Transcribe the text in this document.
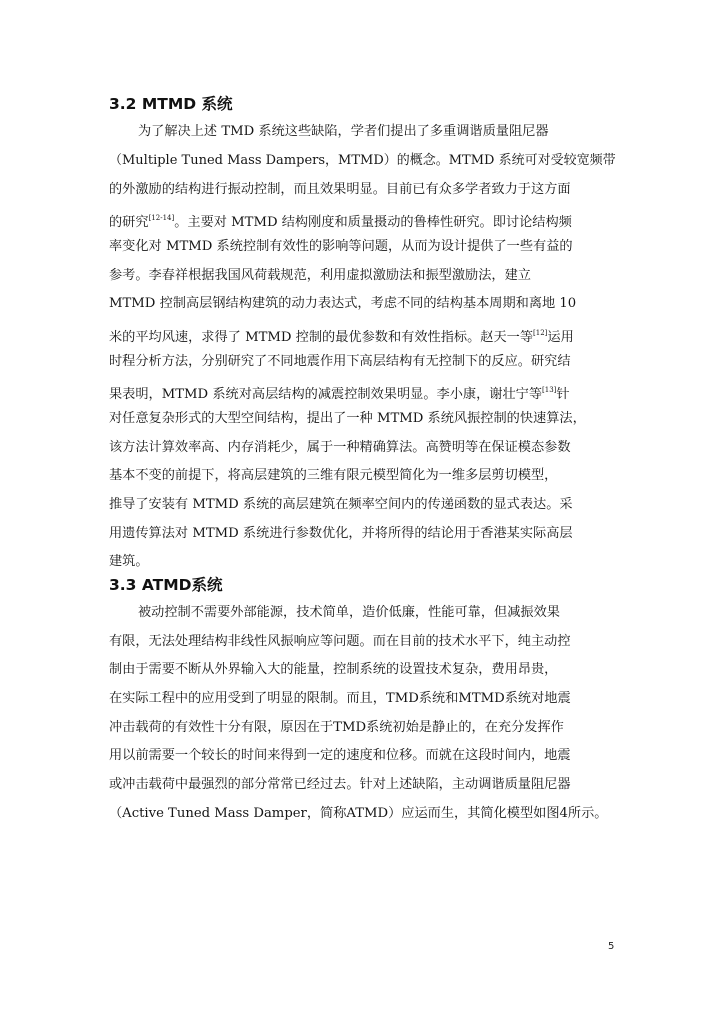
3.2 MTMD 系统

为了解决上述 TMD 系统这些缺陷，学者们提出了多重调谐质量阻尼器

（Multiple Tuned Mass Dampers，MTMD）的概念。MTMD 系统可对受较宽频带

的外激励的结构进行振动控制，而且效果明显。目前已有众多学者致力于这方面

的研究[12-14]。主要对 MTMD 结构刚度和质量摄动的鲁棒性研究。即讨论结构频

率变化对 MTMD 系统控制有效性的影响等问题，从而为设计提供了一些有益的

参考。李春祥根据我国风荷载规范，利用虚拟激励法和振型激励法，建立

MTMD 控制高层钢结构建筑的动力表达式，考虑不同的结构基本周期和离地 10

米的平均风速，求得了 MTMD 控制的最优参数和有效性指标。赵天一等[12]运用

时程分析方法，分别研究了不同地震作用下高层结构有无控制下的反应。研究结

果表明，MTMD 系统对高层结构的减震控制效果明显。李小康，谢壮宁等[13]针

对任意复杂形式的大型空间结构，提出了一种 MTMD 系统风振控制的快速算法，

该方法计算效率高、内存消耗少，属于一种精确算法。高赞明等在保证模态参数

基本不变的前提下，将高层建筑的三维有限元模型简化为一维多层剪切模型，

推导了安装有 MTMD 系统的高层建筑在频率空间内的传递函数的显式表达。采

用遗传算法对 MTMD 系统进行参数优化，并将所得的结论用于香港某实际高层

建筑。

3.3 ATMD系统

被动控制不需要外部能源，技术简单，造价低廉，性能可靠，但减振效果

有限，无法处理结构非线性风振响应等问题。而在目前的技术水平下，纯主动控

制由于需要不断从外界输入大的能量，控制系统的设置技术复杂，费用昂贵，

在实际工程中的应用受到了明显的限制。而且，TMD系统和MTMD系统对地震

冲击载荷的有效性十分有限，原因在于TMD系统初始是静止的，在充分发挥作

用以前需要一个较长的时间来得到一定的速度和位移。而就在这段时间内，地震

或冲击载荷中最强烈的部分常常已经过去。针对上述缺陷，主动调谐质量阻尼器

（Active Tuned Mass Damper，简称ATMD）应运而生，其简化模型如图4所示。

5
